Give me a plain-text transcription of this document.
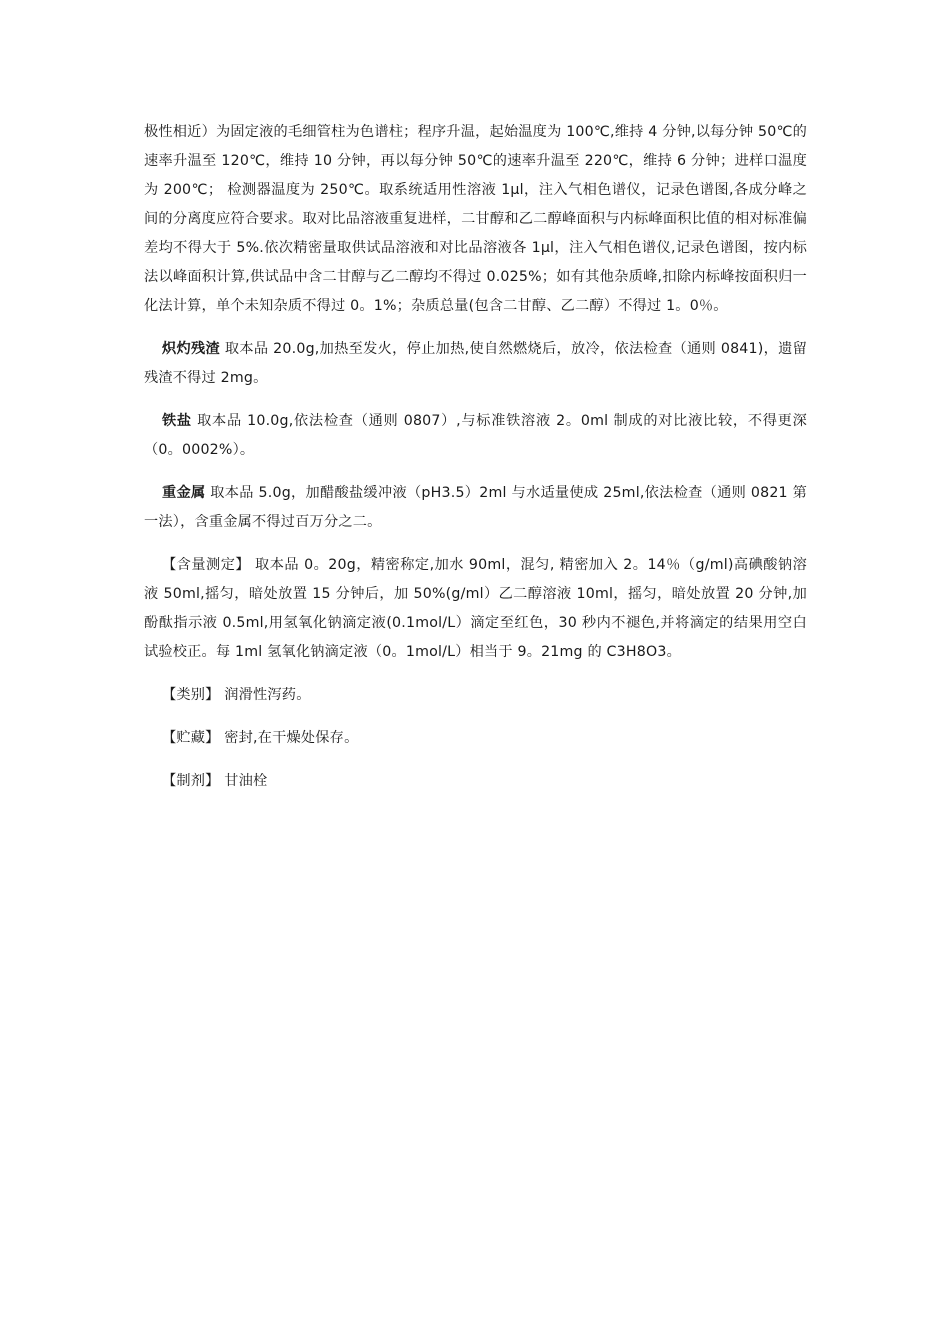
极性相近）为固定液的毛细管柱为色谱柱；程序升温，起始温度为 100℃,维持 4 分钟,以每分钟 50℃的速率升温至 120℃，维持 10 分钟，再以每分钟 50℃的速率升温至 220℃，维持 6 分钟；进样口温度为 200℃； 检测器温度为 250℃。取系统适用性溶液 1μl，注入气相色谱仪，记录色谱图,各成分峰之间的分离度应符合要求。取对比品溶液重复进样，二甘醇和乙二醇峰面积与内标峰面积比值的相对标准偏差均不得大于 5%.依次精密量取供试品溶液和对比品溶液各 1μl，注入气相色谱仪,记录色谱图，按内标法以峰面积计算,供试品中含二甘醇与乙二醇均不得过 0.025%；如有其他杂质峰,扣除内标峰按面积归一化法计算，单个未知杂质不得过 0。1%；杂质总量(包含二甘醇、乙二醇）不得过 1。0％。

炽灼残渣 取本品 20.0g,加热至发火，停止加热,使自然燃烧后，放冷，依法检查（通则 0841)，遗留残渣不得过 2mg。

铁盐 取本品 10.0g,依法检查（通则 0807）,与标准铁溶液 2。0ml 制成的对比液比较，不得更深（0。0002%）。

重金属 取本品 5.0g，加醋酸盐缓冲液（pH3.5）2ml 与水适量使成 25ml,依法检查（通则 0821 第一法），含重金属不得过百万分之二。

【含量测定】 取本品 0。20g，精密称定,加水 90ml，混匀, 精密加入 2。14％（g/ml)高碘酸钠溶液 50ml,摇匀，暗处放置 15 分钟后，加 50%(g/ml）乙二醇溶液 10ml，摇匀，暗处放置 20 分钟,加酚酞指示液 0.5ml,用氢氧化钠滴定液(0.1mol/L）滴定至红色，30 秒内不褪色,并将滴定的结果用空白试验校正。每 1ml 氢氧化钠滴定液（0。1mol/L）相当于 9。21mg 的 C3H8O3。

【类别】 润滑性泻药。

【贮藏】 密封,在干燥处保存。

【制剂】 甘油栓
